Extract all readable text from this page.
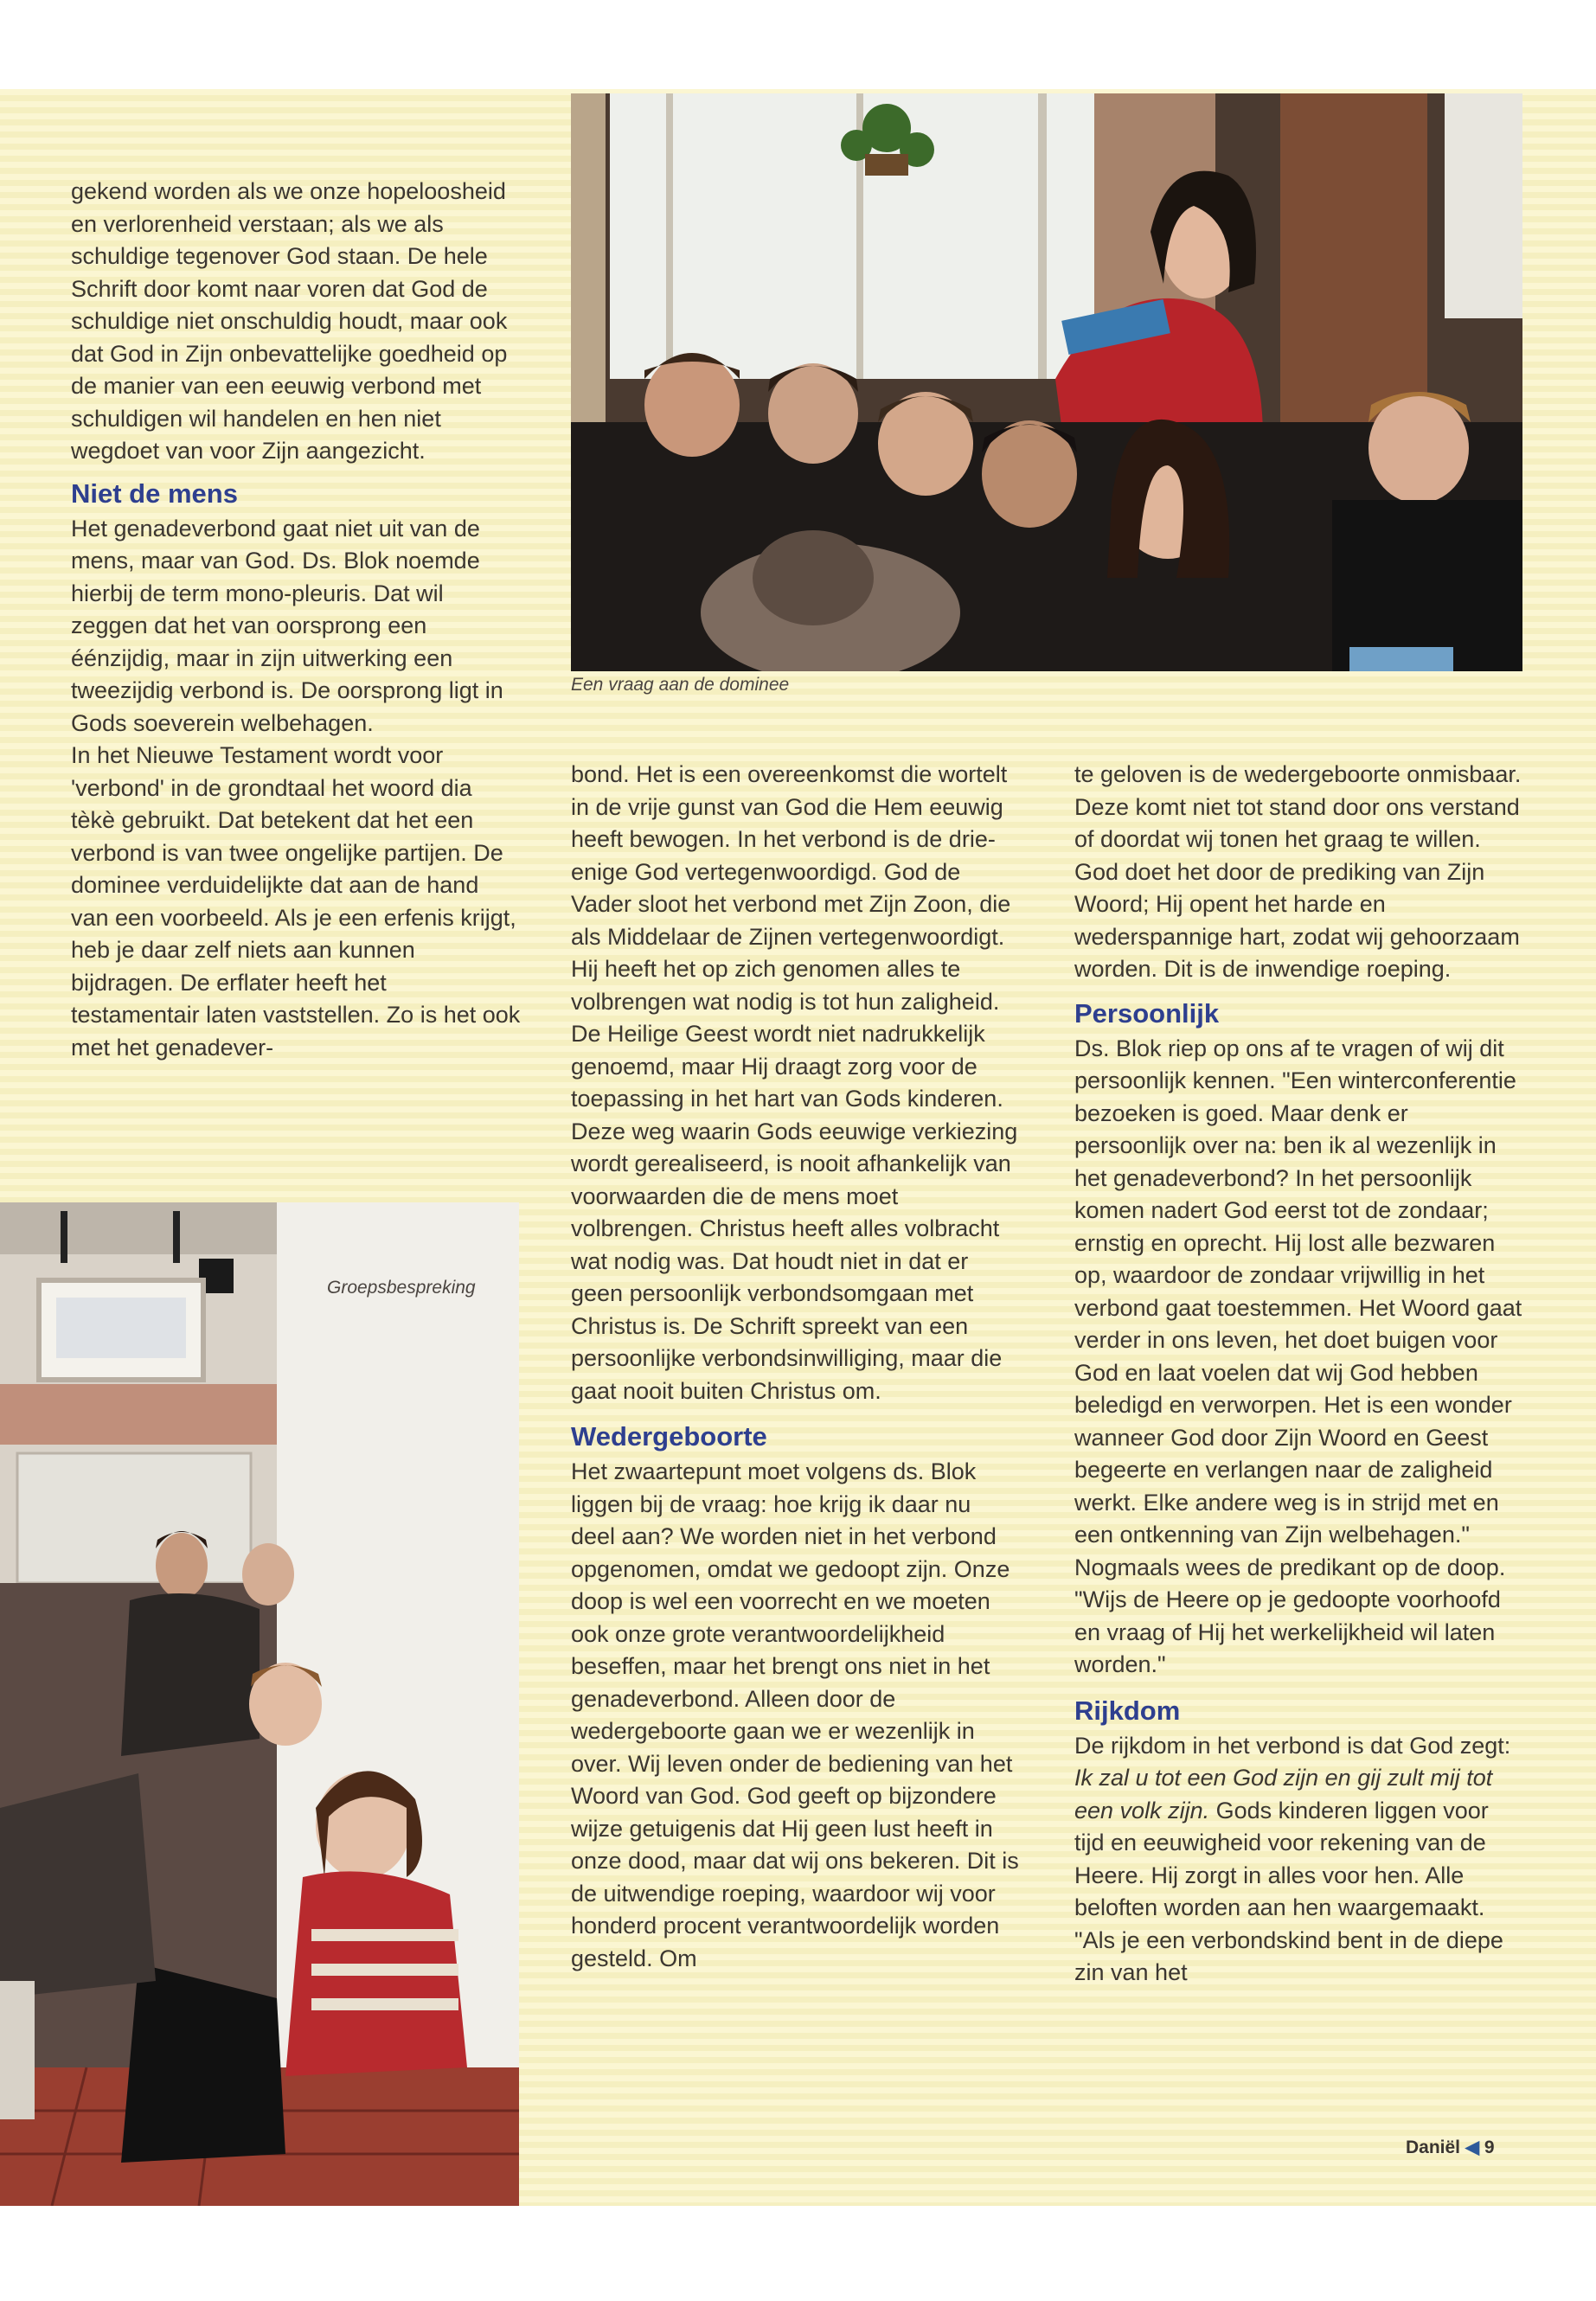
Een vraag aan de dominee
Groepsbespreking

gekend worden als we onze hopeloosheid en verlorenheid verstaan; als we als schuldige tegenover God staan. De hele Schrift door komt naar voren dat God de schuldige niet onschuldig houdt, maar ook dat God in Zijn onbevattelijke goedheid op de manier van een eeuwig verbond met schuldigen wil handelen en hen niet wegdoet van voor Zijn aangezicht.

Niet de mens

Het genadeverbond gaat niet uit van de mens, maar van God. Ds. Blok noemde hierbij de term mono-pleuris. Dat wil zeggen dat het van oorsprong een éénzijdig, maar in zijn uitwerking een tweezijdig verbond is. De oorsprong ligt in Gods soeverein welbehagen.

In het Nieuwe Testament wordt voor 'verbond' in de grondtaal het woord dia tèkè gebruikt. Dat betekent dat het een verbond is van twee ongelijke partijen. De dominee verduidelijkte dat aan de hand van een voorbeeld. Als je een erfenis krijgt, heb je daar zelf niets aan kunnen bijdragen. De erflater heeft het testamentair laten vaststellen. Zo is het ook met het genadever-

bond. Het is een overeenkomst die wortelt in de vrije gunst van God die Hem eeuwig heeft bewogen. In het verbond is de drie-enige God vertegenwoordigd. God de Vader sloot het verbond met Zijn Zoon, die als Middelaar de Zijnen vertegenwoordigt. Hij heeft het op zich genomen alles te volbrengen wat nodig is tot hun zaligheid. De Heilige Geest wordt niet nadrukkelijk genoemd, maar Hij draagt zorg voor de toepassing in het hart van Gods kinderen. Deze weg waarin Gods eeuwige verkiezing wordt gerealiseerd, is nooit afhankelijk van voorwaarden die de mens moet volbrengen. Christus heeft alles volbracht wat nodig was. Dat houdt niet in dat er geen persoonlijk verbondsomgaan met Christus is. De Schrift spreekt van een persoonlijke verbondsinwilliging, maar die gaat nooit buiten Christus om.

Wedergeboorte

Het zwaartepunt moet volgens ds. Blok liggen bij de vraag: hoe krijg ik daar nu deel aan? We worden niet in het verbond opgenomen, omdat we gedoopt zijn. Onze doop is wel een voorrecht en we moeten ook onze grote verantwoordelijkheid beseffen, maar het brengt ons niet in het genadeverbond. Alleen door de wedergeboorte gaan we er wezenlijk in over. Wij leven onder de bediening van het Woord van God. God geeft op bijzondere wijze getuigenis dat Hij geen lust heeft in onze dood, maar dat wij ons bekeren. Dit is de uitwendige roeping, waardoor wij voor honderd procent verantwoordelijk worden gesteld. Om

te geloven is de wedergeboorte onmisbaar. Deze komt niet tot stand door ons verstand of doordat wij tonen het graag te willen. God doet het door de prediking van Zijn Woord; Hij opent het harde en wederspannige hart, zodat wij gehoorzaam worden. Dit is de inwendige roeping.

Persoonlijk

Ds. Blok riep op ons af te vragen of wij dit persoonlijk kennen. "Een winterconferentie bezoeken is goed. Maar denk er persoonlijk over na: ben ik al wezenlijk in het genadeverbond? In het persoonlijk komen nadert God eerst tot de zondaar; ernstig en oprecht. Hij lost alle bezwaren op, waardoor de zondaar vrijwillig in het verbond gaat toestemmen. Het Woord gaat verder in ons leven, het doet buigen voor God en laat voelen dat wij God hebben beledigd en verworpen. Het is een wonder wanneer God door Zijn Woord en Geest begeerte en verlangen naar de zaligheid werkt. Elke andere weg is in strijd met en een ontkenning van Zijn welbehagen." Nogmaals wees de predikant op de doop. "Wijs de Heere op je gedoopte voorhoofd en vraag of Hij het werkelijkheid wil laten worden."

Rijkdom

De rijkdom in het verbond is dat God zegt: Ik zal u tot een God zijn en gij zult mij tot een volk zijn. Gods kinderen liggen voor tijd en eeuwigheid voor rekening van de Heere. Hij zorgt in alles voor hen. Alle beloften worden aan hen waargemaakt. "Als je een verbondskind bent in de diepe zin van het

Daniël ◀ 9
